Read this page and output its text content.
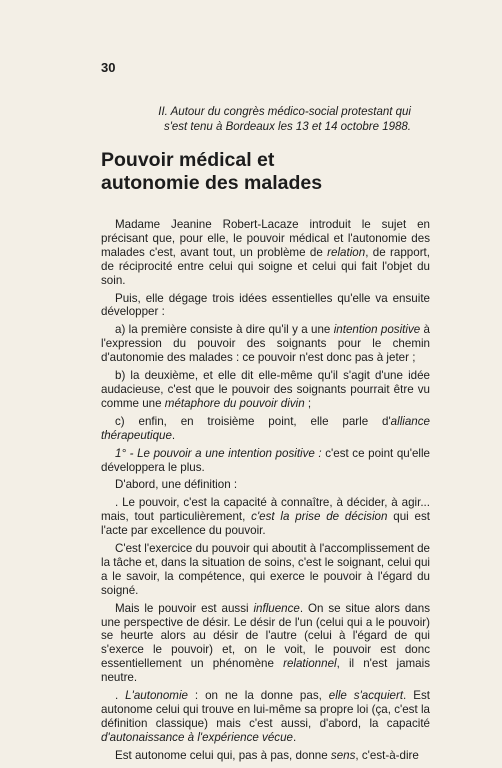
30
II. Autour du congrès médico-social protestant qui
s'est tenu à Bordeaux les 13 et 14 octobre 1988.
Pouvoir médical et
autonomie des malades

Madame Jeanine Robert-Lacaze introduit le sujet en précisant que, pour elle, le pouvoir médical et l'autonomie des malades c'est, avant tout, un problème de relation, de rapport, de réciprocité entre celui qui soigne et celui qui fait l'objet du soin.

Puis, elle dégage trois idées essentielles qu'elle va ensuite développer :

a) la première consiste à dire qu'il y a une intention positive à l'expression du pouvoir des soignants pour le chemin d'autonomie des malades : ce pouvoir n'est donc pas à jeter ;

b) la deuxième, et elle dit elle-même qu'il s'agit d'une idée audacieuse, c'est que le pouvoir des soignants pourrait être vu comme une métaphore du pouvoir divin ;

c) enfin, en troisième point, elle parle d'alliance thérapeutique.

1° - Le pouvoir a une intention positive : c'est ce point qu'elle développera le plus.

D'abord, une définition :

. Le pouvoir, c'est la capacité à connaître, à décider, à agir... mais, tout particulièrement, c'est la prise de décision qui est l'acte par excellence du pouvoir.

C'est l'exercice du pouvoir qui aboutit à l'accomplissement de la tâche et, dans la situation de soins, c'est le soignant, celui qui a le savoir, la compétence, qui exerce le pouvoir à l'égard du soigné.

Mais le pouvoir est aussi influence. On se situe alors dans une perspective de désir. Le désir de l'un (celui qui a le pouvoir) se heurte alors au désir de l'autre (celui à l'égard de qui s'exerce le pouvoir) et, on le voit, le pouvoir est donc essentiellement un phénomène relationnel, il n'est jamais neutre.

. L'autonomie : on ne la donne pas, elle s'acquiert. Est autonome celui qui trouve en lui-même sa propre loi (ça, c'est la définition classique) mais c'est aussi, d'abord, la capacité d'autonaissance à l'expérience vécue.

Est autonome celui qui, pas à pas, donne sens, c'est-à-dire
